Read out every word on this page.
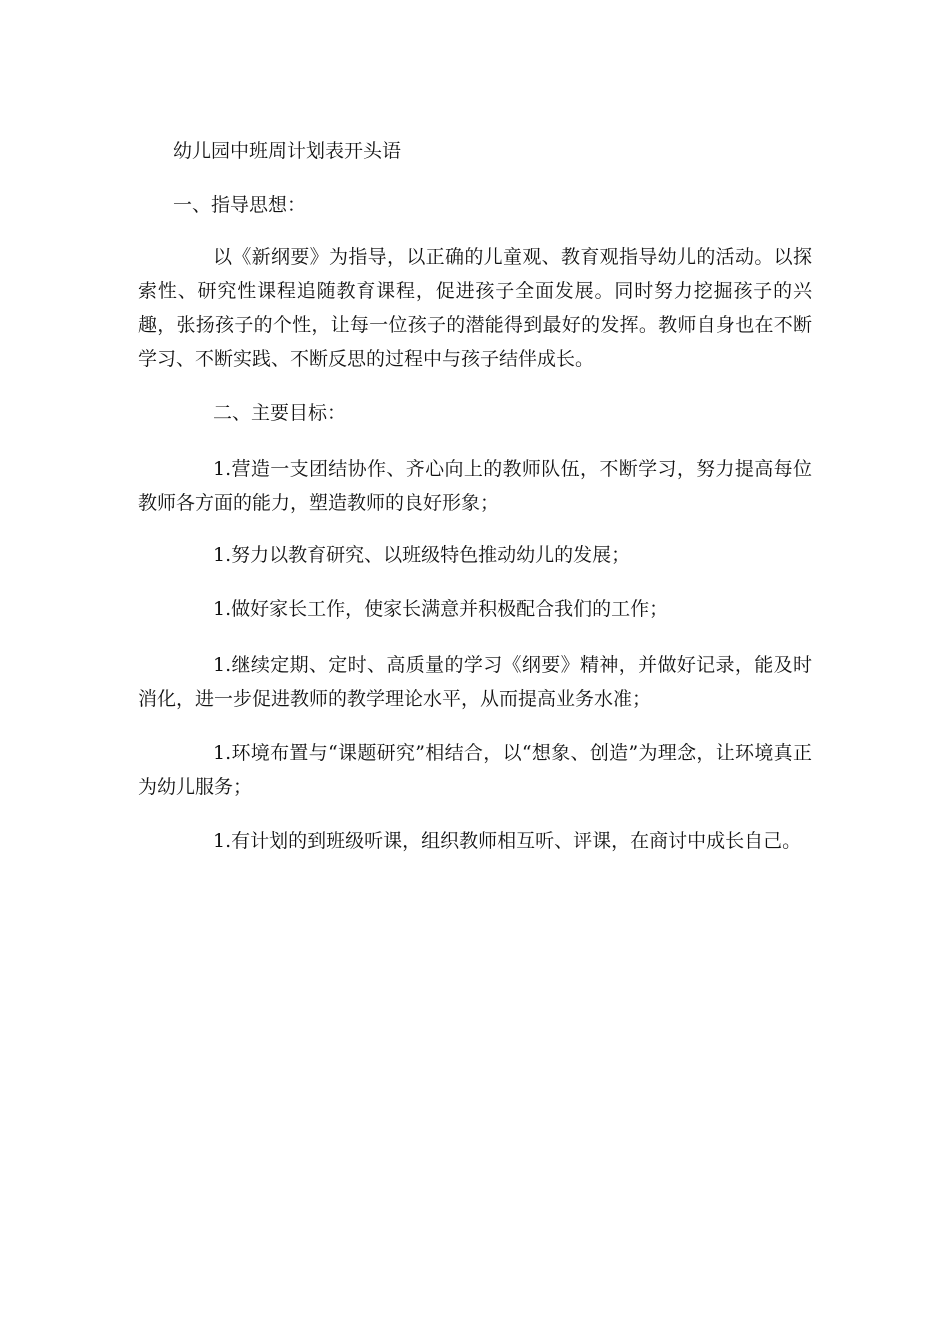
幼儿园中班周计划表开头语
一、指导思想：
以《新纲要》为指导，以正确的儿童观、教育观指导幼儿的活动。以探索性、研究性课程追随教育课程，促进孩子全面发展。同时努力挖掘孩子的兴趣，张扬孩子的个性，让每一位孩子的潜能得到最好的发挥。教师自身也在不断学习、不断实践、不断反思的过程中与孩子结伴成长。
二、主要目标：
1.营造一支团结协作、齐心向上的教师队伍，不断学习，努力提高每位教师各方面的能力，塑造教师的良好形象；
1.努力以教育研究、以班级特色推动幼儿的发展；
1.做好家长工作，使家长满意并积极配合我们的工作；
1.继续定期、定时、高质量的学习《纲要》精神，并做好记录，能及时消化，进一步促进教师的教学理论水平，从而提高业务水准；
1.环境布置与“课题研究”相结合，以“想象、创造”为理念，让环境真正为幼儿服务；
1.有计划的到班级听课，组织教师相互听、评课，在商讨中成长自己。
